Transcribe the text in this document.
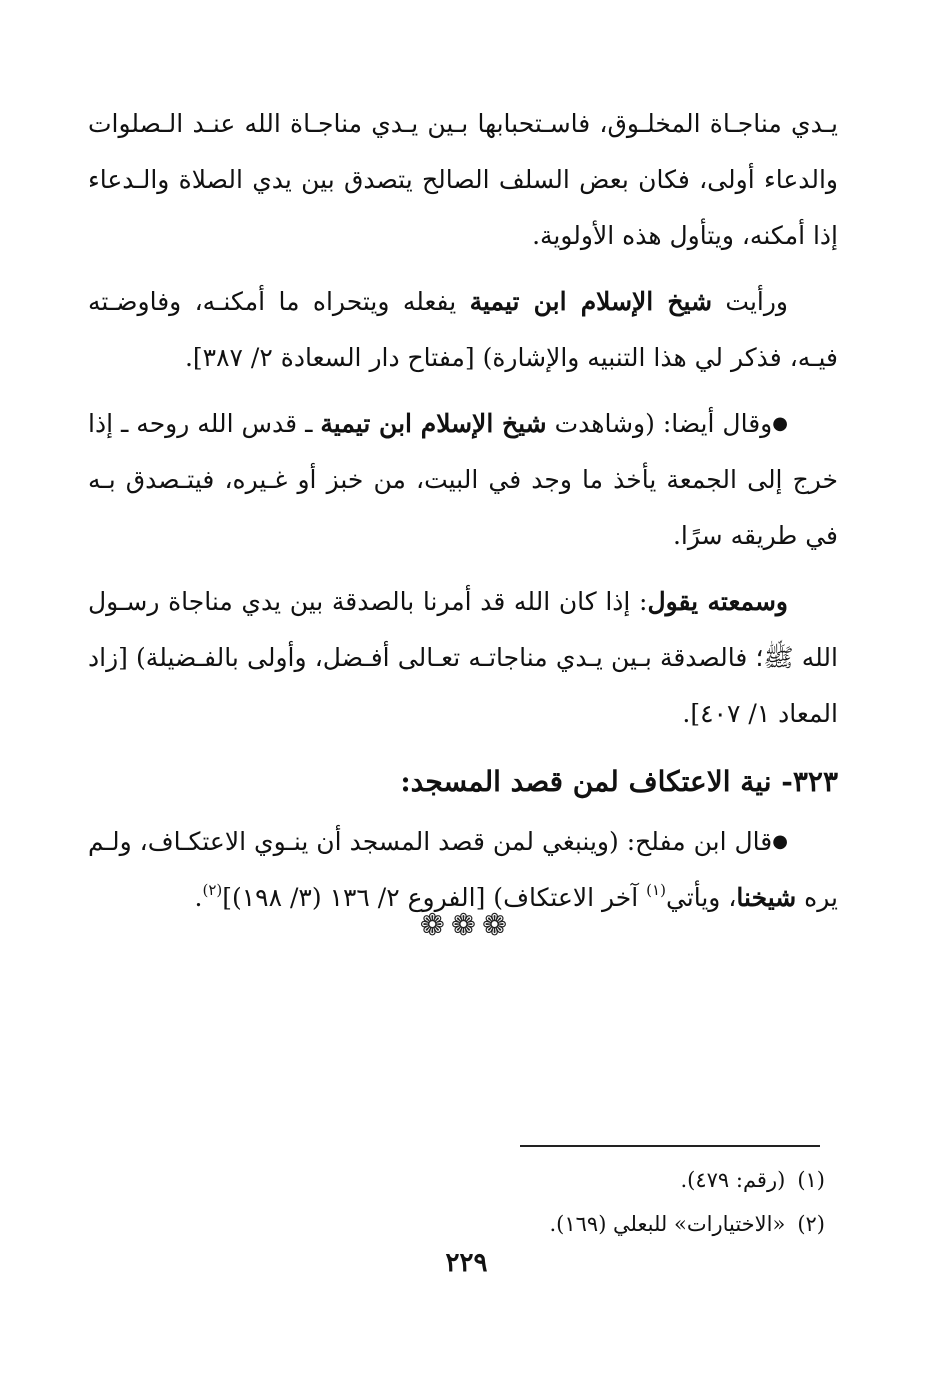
يـدي مناجـاة المخلـوق، فاسـتحبابها بـين يـدي مناجـاة الله عنـد الـصلوات والدعاء أولى، فكان بعض السلف الصالح يتصدق بين يدي الصلاة والـدعاء إذا أمكنه، ويتأول هذه الأولوية.

ورأيت شيخ الإسلام ابن تيمية يفعله ويتحراه ما أمكنـه، وفاوضـته فيـه، فذكر لي هذا التنبيه والإشارة) [مفتاح دار السعادة ٢/ ٣٨٧].

●وقال أيضا: (وشاهدت شيخ الإسلام ابن تيمية ـ قدس الله روحه ـ إذا خرج إلى الجمعة يأخذ ما وجد في البيت، من خبز أو غـيره، فيتـصدق بـه في طريقه سرًا.

وسمعته يقول: إذا كان الله قد أمرنا بالصدقة بين يدي مناجاة رسـول الله ﷺ؛ فالصدقة بـين يـدي مناجاتـه تعـالى أفـضل، وأولى بالفـضيلة) [زاد المعاد ١/ ٤٠٧].

٣٢٣- نية الاعتكاف لمن قصد المسجد:

●قال ابن مفلح: (وينبغي لمن قصد المسجد أن ينـوي الاعتكـاف، ولـم يره شيخنا، ويأتي$^{(١)}$ آخر الاعتكاف) [الفروع ٢/ ١٣٦ (٣/ ١٩٨)]$^{(٢)}$.

❁❁❁
(١)(رقم: ٤٧٩).
(٢)«الاختيارات» للبعلي (١٦٩).
٢٢٩
